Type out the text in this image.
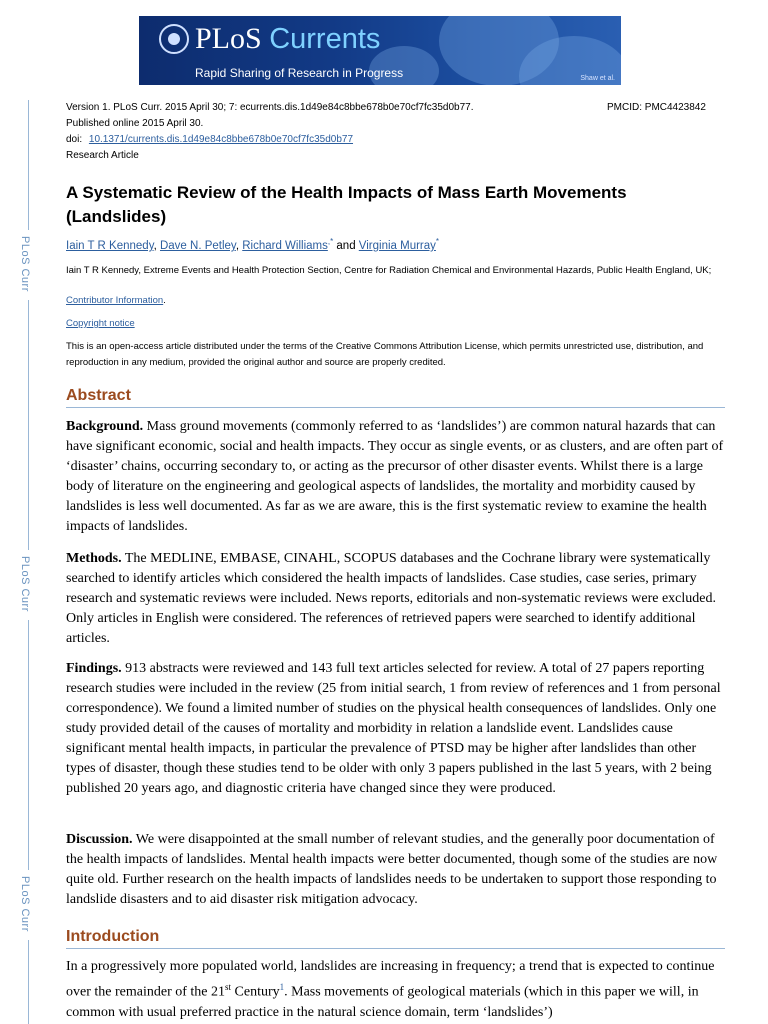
PLoS Currents
Rapid Sharing of Research in Progress	Shaw et al.
PLoS Curr
PLoS Curr
PLoS Curr
Version 1. PLoS Curr. 2015 April 30; 7: ecurrents.dis.1d49e84c8bbe678b0e70cf7fc35d0b77.	PMCID: PMC4423842
Published online 2015 April 30.
doi: 10.1371/currents.dis.1d49e84c8bbe678b0e70cf7fc35d0b77
Research Article
A Systematic Review of the Health Impacts of Mass Earth Movements (Landslides)
Iain T R Kennedy, Dave N. Petley, Richard Williams,* and Virginia Murray*
Iain T R Kennedy, Extreme Events and Health Protection Section, Centre for Radiation Chemical and Environmental Hazards, Public Health England, UK;
Contributor Information.
Copyright notice
This is an open-access article distributed under the terms of the Creative Commons Attribution License, which permits unrestricted use, distribution, and reproduction in any medium, provided the original author and source are properly credited.
Abstract
Background. Mass ground movements (commonly referred to as ‘landslides’) are common natural hazards that can have significant economic, social and health impacts. They occur as single events, or as clusters, and are often part of ‘disaster’ chains, occurring secondary to, or acting as the precursor of other disaster events. Whilst there is a large body of literature on the engineering and geological aspects of landslides, the mortality and morbidity caused by landslides is less well documented. As far as we are aware, this is the first systematic review to examine the health impacts of landslides.
Methods. The MEDLINE, EMBASE, CINAHL, SCOPUS databases and the Cochrane library were systematically searched to identify articles which considered the health impacts of landslides. Case studies, case series, primary research and systematic reviews were included. News reports, editorials and non-systematic reviews were excluded. Only articles in English were considered. The references of retrieved papers were searched to identify additional articles.
Findings. 913 abstracts were reviewed and 143 full text articles selected for review. A total of 27 papers reporting research studies were included in the review (25 from initial search, 1 from review of references and 1 from personal correspondence). We found a limited number of studies on the physical health consequences of landslides. Only one study provided detail of the causes of mortality and morbidity in relation a landslide event. Landslides cause significant mental health impacts, in particular the prevalence of PTSD may be higher after landslides than other types of disaster, though these studies tend to be older with only 3 papers published in the last 5 years, with 2 being published 20 years ago, and diagnostic criteria have changed since they were produced.
Discussion. We were disappointed at the small number of relevant studies, and the generally poor documentation of the health impacts of landslides. Mental health impacts were better documented, though some of the studies are now quite old. Further research on the health impacts of landslides needs to be undertaken to support those responding to landslide disasters and to aid disaster risk mitigation advocacy.
Introduction
In a progressively more populated world, landslides are increasing in frequency; a trend that is expected to continue over the remainder of the 21st Century$^1$. Mass movements of geological materials (which in this paper we will, in common with usual preferred practice in the natural science domain, term ‘landslides’)
